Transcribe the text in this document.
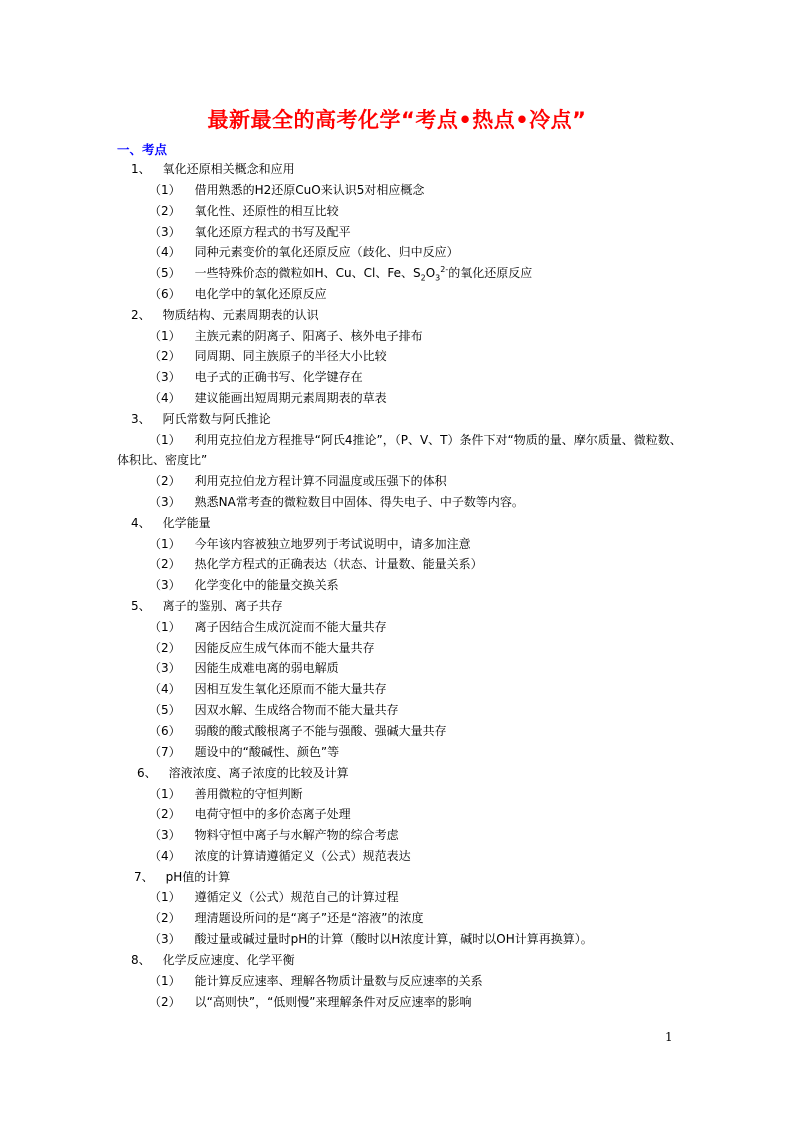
最新最全的高考化学“考点•热点•冷点”
一、考点
1、 氧化还原相关概念和应用
（1） 借用熟悉的H2还原CuO来认识5对相应概念
（2） 氧化性、还原性的相互比较
（3） 氧化还原方程式的书写及配平
（4） 同种元素变价的氧化还原反应（歧化、归中反应）
（5） 一些特殊价态的微粒如H、Cu、Cl、Fe、$S_2O_3^{2-}$的氧化还原反应
（6） 电化学中的氧化还原反应
2、 物质结构、元素周期表的认识
（1） 主族元素的阴离子、阳离子、核外电子排布
（2） 同周期、同主族原子的半径大小比较
（3） 电子式的正确书写、化学键存在
（4） 建议能画出短周期元素周期表的草表
3、 阿氏常数与阿氏推论
（1） 利用克拉伯龙方程推导“阿氏4推论”，（P、V、T）条件下对“物质的量、摩尔质量、微粒数、
体积比、密度比”
（2） 利用克拉伯龙方程计算不同温度或压强下的体积
（3） 熟悉NA常考查的微粒数目中固体、得失电子、中子数等内容。
4、 化学能量
（1） 今年该内容被独立地罗列于考试说明中，请多加注意
（2） 热化学方程式的正确表达（状态、计量数、能量关系）
（3） 化学变化中的能量交换关系
5、 离子的鉴别、离子共存
（1） 离子因结合生成沉淀而不能大量共存
（2） 因能反应生成气体而不能大量共存
（3） 因能生成难电离的弱电解质
（4） 因相互发生氧化还原而不能大量共存
（5） 因双水解、生成络合物而不能大量共存
（6） 弱酸的酸式酸根离子不能与强酸、强碱大量共存
（7） 题设中的“酸碱性、颜色”等
6、 溶液浓度、离子浓度的比较及计算
（1） 善用微粒的守恒判断
（2） 电荷守恒中的多价态离子处理
（3） 物料守恒中离子与水解产物的综合考虑
（4） 浓度的计算请遵循定义（公式）规范表达
7、 pH值的计算
（1） 遵循定义（公式）规范自己的计算过程
（2） 理清题设所问的是“离子”还是“溶液”的浓度
（3） 酸过量或碱过量时pH的计算（酸时以H浓度计算，碱时以OH计算再换算）。
8、 化学反应速度、化学平衡
（1） 能计算反应速率、理解各物质计量数与反应速率的关系
（2） 以“高则快”，“低则慢”来理解条件对反应速率的影响
1
